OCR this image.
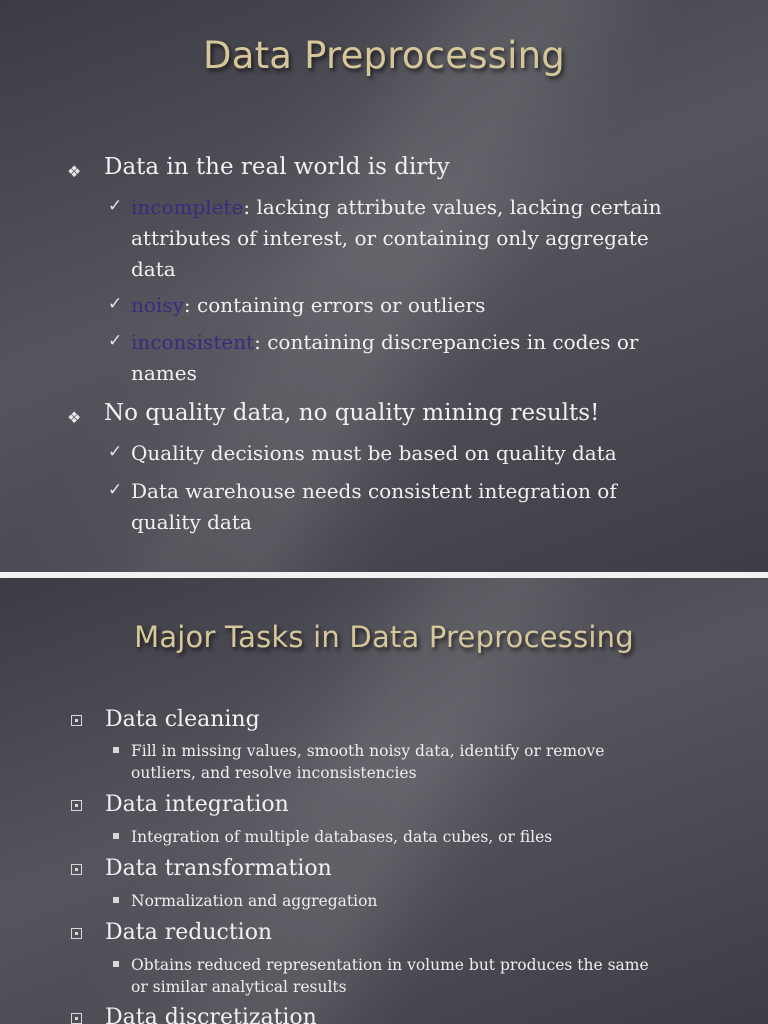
Data Preprocessing
❖ Data in the real world is dirty

✓ incomplete: lacking attribute values, lacking certain

attributes of interest, or containing only aggregate

data

✓ noisy: containing errors or outliers

✓ inconsistent: containing discrepancies in codes or

names

❖ No quality data, no quality mining results!

✓ Quality decisions must be based on quality data

✓ Data warehouse needs consistent integration of

quality data

Major Tasks in Data Preprocessing

Data cleaning

Fill in missing values, smooth noisy data, identify or remove

outliers, and resolve inconsistencies

Data integration

Integration of multiple databases, data cubes, or files

Data transformation

Normalization and aggregation

Data reduction

Obtains reduced representation in volume but produces the same

or similar analytical results

Data discretization
